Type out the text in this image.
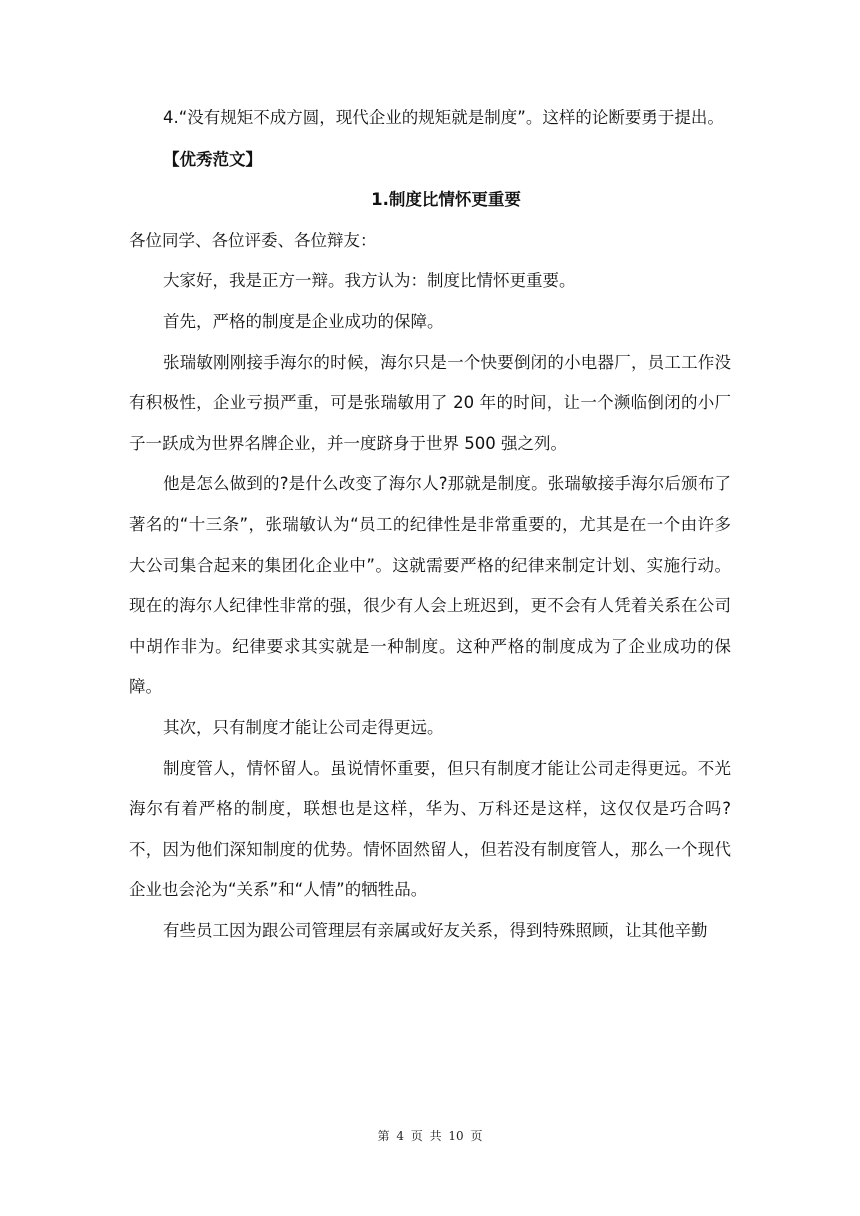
4.“没有规矩不成方圆，现代企业的规矩就是制度”。这样的论断要勇于提出。

【优秀范文】

1.制度比情怀更重要

各位同学、各位评委、各位辩友：

大家好，我是正方一辩。我方认为：制度比情怀更重要。

首先，严格的制度是企业成功的保障。

张瑞敏刚刚接手海尔的时候，海尔只是一个快要倒闭的小电器厂，员工工作没有积极性，企业亏损严重，可是张瑞敏用了 20 年的时间，让一个濒临倒闭的小厂子一跃成为世界名牌企业，并一度跻身于世界 500 强之列。

他是怎么做到的?是什么改变了海尔人?那就是制度。张瑞敏接手海尔后颁布了著名的“十三条”，张瑞敏认为“员工的纪律性是非常重要的，尤其是在一个由许多大公司集合起来的集团化企业中”。这就需要严格的纪律来制定计划、实施行动。现在的海尔人纪律性非常的强，很少有人会上班迟到，更不会有人凭着关系在公司中胡作非为。纪律要求其实就是一种制度。这种严格的制度成为了企业成功的保障。

其次，只有制度才能让公司走得更远。

制度管人，情怀留人。虽说情怀重要，但只有制度才能让公司走得更远。不光海尔有着严格的制度，联想也是这样，华为、万科还是这样，这仅仅是巧合吗?不，因为他们深知制度的优势。情怀固然留人，但若没有制度管人，那么一个现代企业也会沦为“关系”和“人情”的牺牲品。

有些员工因为跟公司管理层有亲属或好友关系，得到特殊照顾，让其他辛勤

第 4 页 共 10 页
